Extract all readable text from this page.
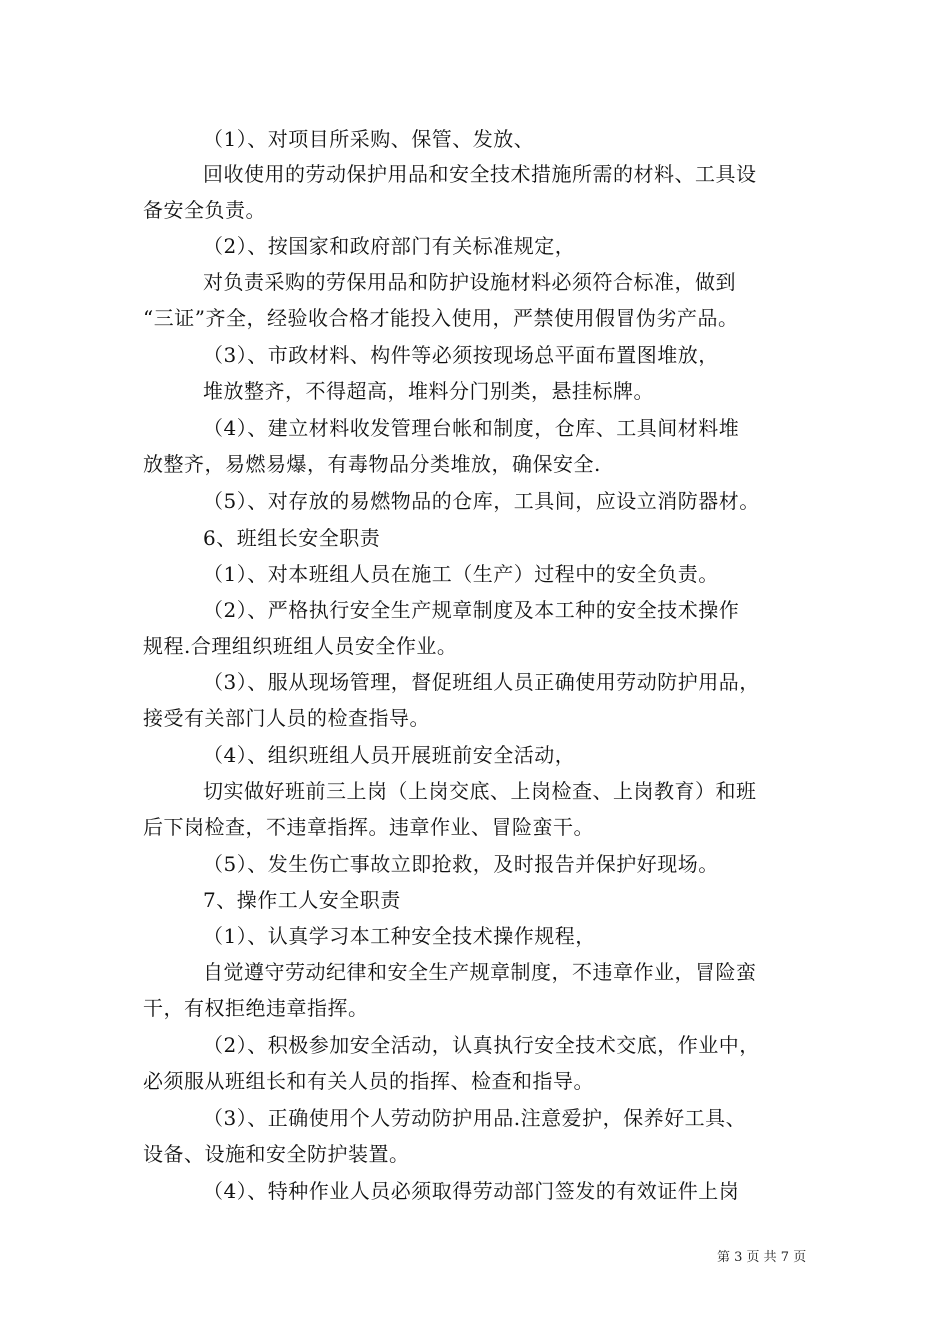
（1）、对项目所采购、保管、发放、
回收使用的劳动保护用品和安全技术措施所需的材料、工具设
备安全负责。
（2）、按国家和政府部门有关标准规定，
对负责采购的劳保用品和防护设施材料必须符合标准，做到
“三证”齐全，经验收合格才能投入使用，严禁使用假冒伪劣产品。
（3）、市政材料、构件等必须按现场总平面布置图堆放，
堆放整齐，不得超高，堆料分门别类，悬挂标牌。
（4）、建立材料收发管理台帐和制度，仓库、工具间材料堆
放整齐，易燃易爆，有毒物品分类堆放，确保安全.
（5）、对存放的易燃物品的仓库，工具间，应设立消防器材。
6、班组长安全职责
（1）、对本班组人员在施工（生产）过程中的安全负责。
（2）、严格执行安全生产规章制度及本工种的安全技术操作
规程.合理组织班组人员安全作业。
（3）、服从现场管理，督促班组人员正确使用劳动防护用品，
接受有关部门人员的检查指导。
（4）、组织班组人员开展班前安全活动，
切实做好班前三上岗（上岗交底、上岗检查、上岗教育）和班
后下岗检查，不违章指挥。违章作业、冒险蛮干。
（5）、发生伤亡事故立即抢救，及时报告并保护好现场。
7、操作工人安全职责
（1）、认真学习本工种安全技术操作规程，
自觉遵守劳动纪律和安全生产规章制度，不违章作业，冒险蛮
干，有权拒绝违章指挥。
（2）、积极参加安全活动，认真执行安全技术交底，作业中，
必须服从班组长和有关人员的指挥、检查和指导。
（3）、正确使用个人劳动防护用品.注意爱护，保养好工具、
设备、设施和安全防护装置。
（4）、特种作业人员必须取得劳动部门签发的有效证件上岗
第 3 页 共 7 页
